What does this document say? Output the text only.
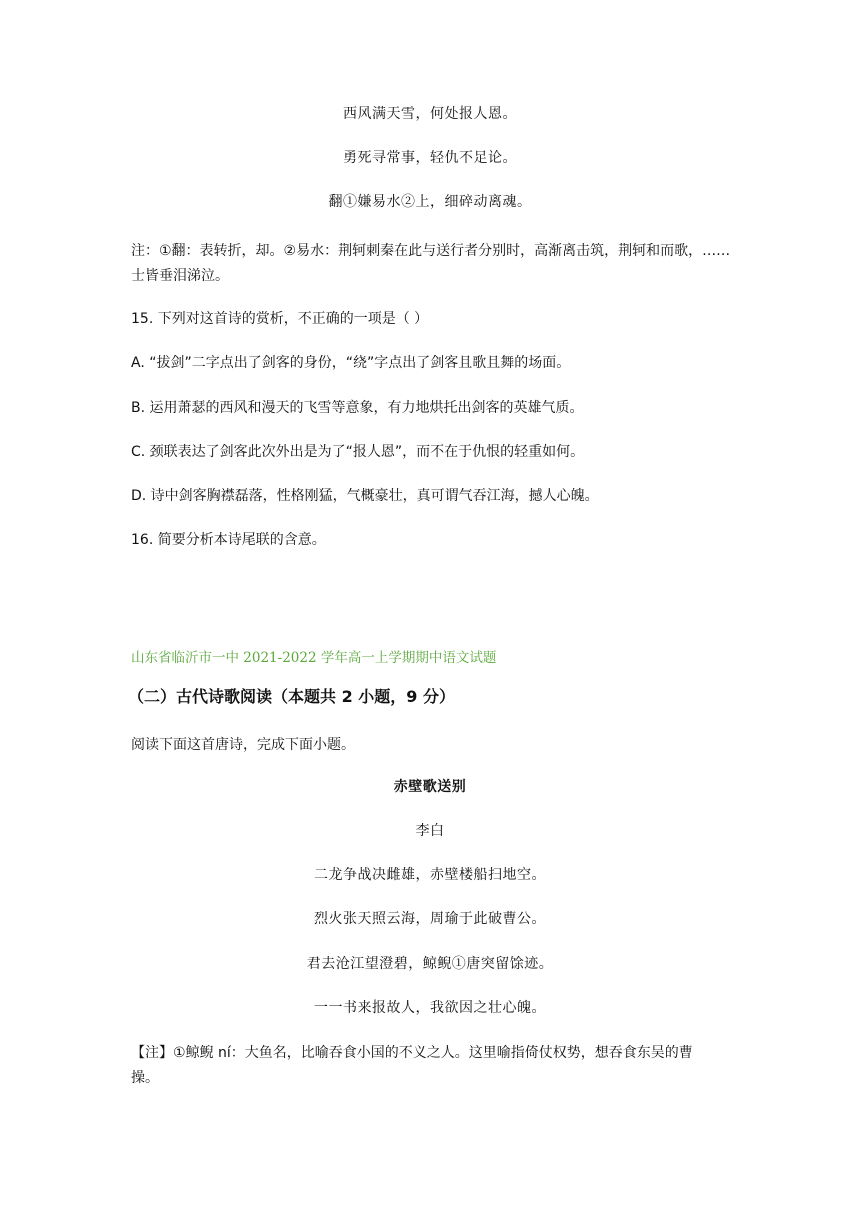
西风满天雪，何处报人恩。
勇死寻常事，轻仇不足论。
翻①嫌易水②上，细碎动离魂。
注：①翻：表转折，却。②易水：荆轲刺秦在此与送行者分别时，高渐离击筑，荆轲和而歌，……
士皆垂泪涕泣。
15. 下列对这首诗的赏析，不正确的一项是（ ）
A. “拔剑”二字点出了剑客的身份，“绕”字点出了剑客且歌且舞的场面。
B. 运用萧瑟的西风和漫天的飞雪等意象，有力地烘托出剑客的英雄气质。
C. 颈联表达了剑客此次外出是为了“报人恩”，而不在于仇恨的轻重如何。
D. 诗中剑客胸襟磊落，性格刚猛，气概豪壮，真可谓气吞江海，撼人心魄。
16. 简要分析本诗尾联的含意。
山东省临沂市一中 2021-2022 学年高一上学期期中语文试题
（二）古代诗歌阅读（本题共 2 小题，9 分）
阅读下面这首唐诗，完成下面小题。
赤壁歌送别
李白
二龙争战决雌雄，赤壁楼船扫地空。
烈火张天照云海，周瑜于此破曹公。
君去沧江望澄碧，鲸鲵①唐突留馀迹。
一一书来报故人，我欲因之壮心魄。
【注】①鲸鲵 ní：大鱼名，比喻吞食小国的不义之人。这里喻指倚仗权势，想吞食东吴的曹
操。
